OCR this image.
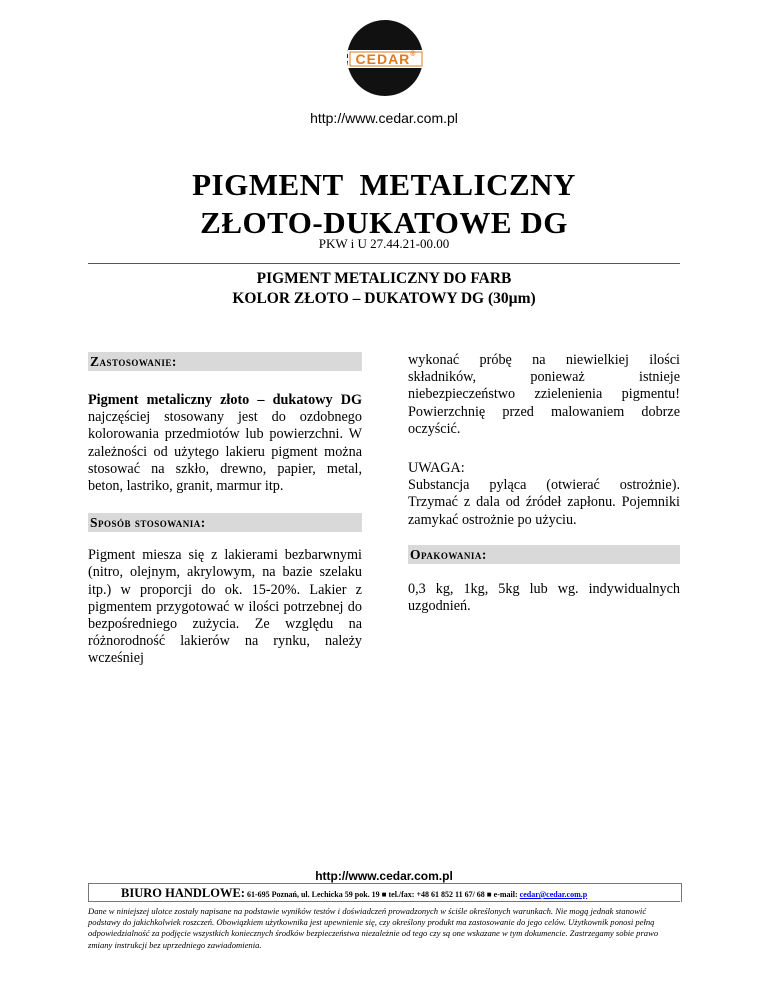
CEDAR®
http://www.cedar.com.pl
PIGMENT  METALICZNY
ZŁOTO-DUKATOWE DG
PKW i U 27.44.21-00.00
PIGMENT METALICZNY DO FARB
KOLOR ZŁOTO – DUKATOWY DG (30µm)
Zastosowanie:
Pigment metaliczny złoto – dukatowy DG najczęściej stosowany jest do ozdobnego kolorowania przedmiotów lub powierzchni. W zależności od użytego lakieru pigment można stosować na szkło, drewno, papier, metal, beton, lastriko, granit, marmur itp.
Sposób stosowania:
Pigment miesza się z lakierami bezbarwnymi (nitro, olejnym, akrylowym, na bazie szelaku itp.) w proporcji do ok. 15-20%. Lakier z pigmentem przygotować w ilości potrzebnej do bezpośredniego zużycia. Ze względu na różnorodność lakierów na rynku, należy wcześniej
wykonać próbę na niewielkiej ilości składników, ponieważ istnieje niebezpieczeństwo zzielenienia pigmentu! Powierzchnię przed malowaniem dobrze oczyścić.
UWAGA:
Substancja pyląca (otwierać ostrożnie). Trzymać z dala od źródeł zapłonu. Pojemniki zamykać ostrożnie po użyciu.
Opakowania:
0,3 kg, 1kg, 5kg lub wg. indywidualnych uzgodnień.
http://www.cedar.com.pl
BIURO HANDLOWE: 61-695 Poznań, ul. Lechicka 59 pok. 19 ■ tel./fax: +48 61 852 11 67/ 68 ■ e-mail: cedar@cedar.com.p
Dane w niniejszej ulotce zostały napisane na podstawie wyników testów i doświadczeń prowadzonych w ściśle określonych warunkach. Nie mogą jednak stanowić podstawy do jakichkolwiek roszczeń. Obowiązkiem użytkownika jest upewnienie się, czy określony produkt ma zastosowanie do jego celów. Użytkownik ponosi pełną odpowiedzialność za podjęcie wszystkich koniecznych środków bezpieczeństwa niezależnie od tego czy są one wskazane w tym dokumencie. Zastrzegamy sobie prawo zmiany instrukcji bez uprzedniego zawiadomienia.
